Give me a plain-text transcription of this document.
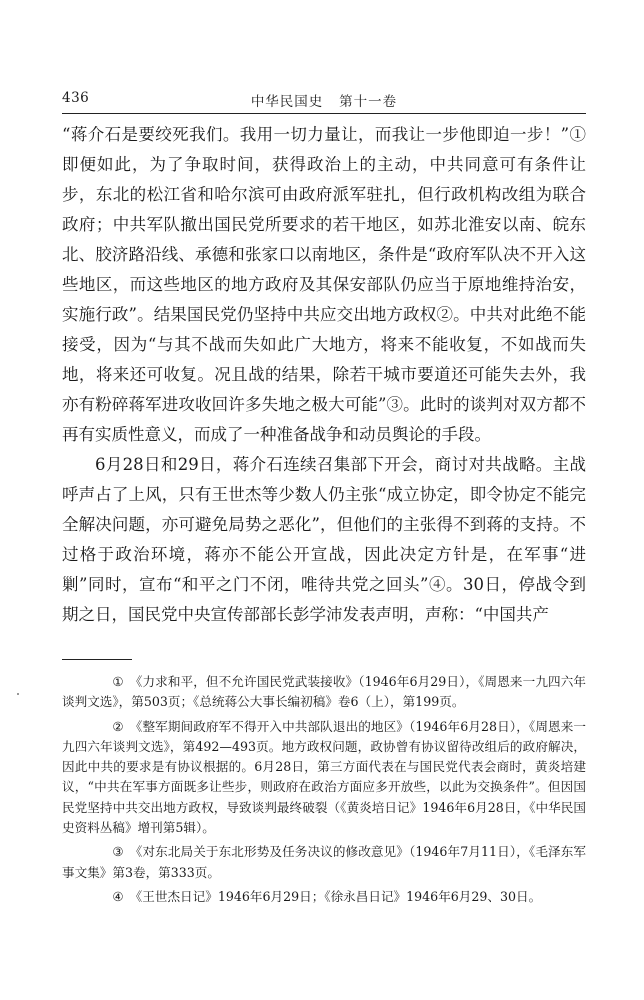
436	中华民国史   第十一卷

“蒋介石是要绞死我们。我用一切力量让，而我让一步他即迫一步！”①即便如此，为了争取时间，获得政治上的主动，中共同意可有条件让步，东北的松江省和哈尔滨可由政府派军驻扎，但行政机构改组为联合政府；中共军队撤出国民党所要求的若干地区，如苏北淮安以南、皖东北、胶济路沿线、承德和张家口以南地区，条件是“政府军队决不开入这些地区，而这些地区的地方政府及其保安部队仍应当于原地维持治安，实施行政”。结果国民党仍坚持中共应交出地方政权②。中共对此绝不能接受，因为“与其不战而失如此广大地方，将来不能收复，不如战而失地，将来还可收复。况且战的结果，除若干城市要道还可能失去外，我亦有粉碎蒋军进攻收回许多失地之极大可能”③。此时的谈判对双方都不再有实质性意义，而成了一种准备战争和动员舆论的手段。

6月28日和29日，蒋介石连续召集部下开会，商讨对共战略。主战呼声占了上风，只有王世杰等少数人仍主张“成立协定，即令协定不能完全解决问题，亦可避免局势之恶化”，但他们的主张得不到蒋的支持。不过格于政治环境，蒋亦不能公开宣战，因此决定方针是，在军事“进剿”同时，宣布“和平之门不闭，唯待共党之回头”④。30日，停战令到期之日，国民党中央宣传部部长彭学沛发表声明，声称：“中国共产

① 《力求和平，但不允许国民党武装接收》（1946年6月29日），《周恩来一九四六年谈判文选》，第503页；《总统蒋公大事长编初稿》卷6（上），第199页。

② 《整军期间政府军不得开入中共部队退出的地区》（1946年6月28日），《周恩来一九四六年谈判文选》，第492—493页。地方政权问题，政协曾有协议留待改组后的政府解决，因此中共的要求是有协议根据的。6月28日，第三方面代表在与国民党代表会商时，黄炎培建议，“中共在军事方面既多让些步，则政府在政治方面应多开放些，以此为交换条件”。但因国民党坚持中共交出地方政权，导致谈判最终破裂（《黄炎培日记》1946年6月28日，《中华民国史资料丛稿》增刊第5辑）。

③ 《对东北局关于东北形势及任务决议的修改意见》（1946年7月11日），《毛泽东军事文集》第3卷，第333页。

④ 《王世杰日记》1946年6月29日；《徐永昌日记》1946年6月29、30日。
